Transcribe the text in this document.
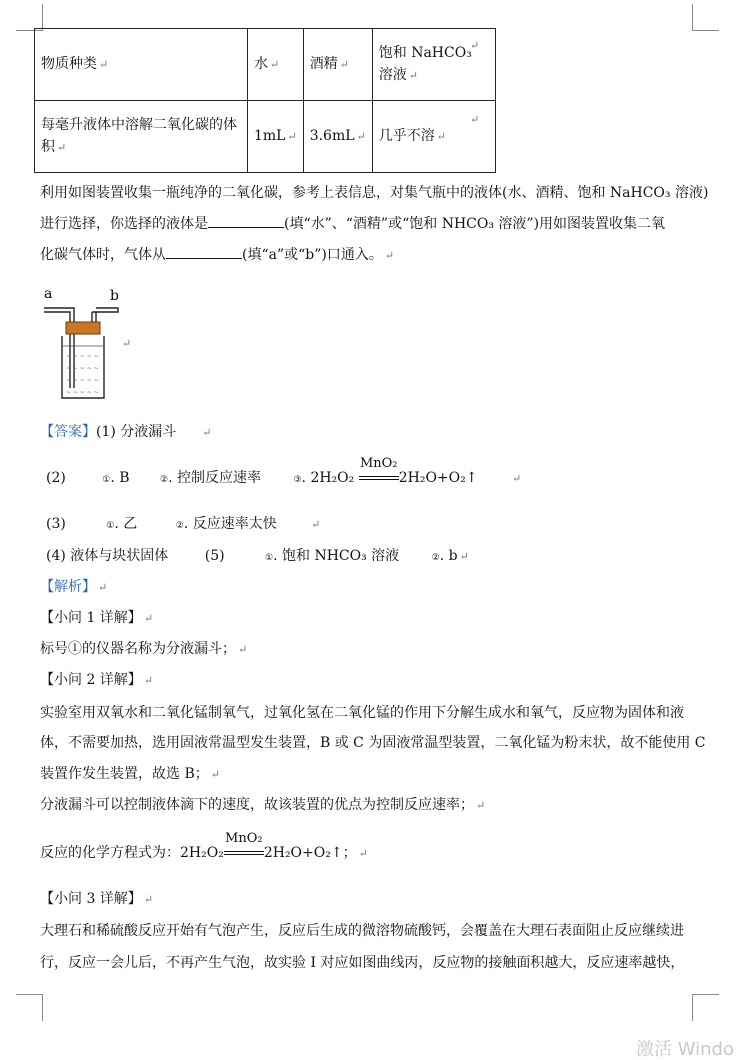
物质种类 ↵	水 ↵	酒精 ↵	饱和 NaHCO₃ 溶液 ↵
每毫升液体中溶解二氧化碳的体积 ↵	1mL ↵	3.6mL ↵	几乎不溶 ↵
↵
↵
利用如图装置收集一瓶纯净的二氧化碳，参考上表信息，对集气瓶中的液体(水、酒精、饱和 NaHCO₃ 溶液)
进行选择，你选择的液体是	(填“水”、“酒精”或“饱和 NHCO₃ 溶液”)用如图装置收集二氧
化碳气体时，气体从	(填“a”或“b”)口通入。 ↵
a	b
~ ~ ~ ~ ~
~ ~ ~ ~ ~
~ ~ ~ ~ ~
~ ~ ~ ~ ~
↵
【答案】(1) 分液漏斗 ↵
(2)	①. B	②. 控制反应速率	③. 2H₂O₂
MnO₂
2H₂O+O₂↑	↵
(3)	①. 乙	②. 反应速率太快	↵
(4) 液体与块状固体	(5)	①. 饱和 NHCO₃ 溶液	②. b ↵
【解析】 ↵
【小问 1 详解】 ↵
标号①的仪器名称为分液漏斗； ↵
【小问 2 详解】 ↵
实验室用双氧水和二氧化锰制氧气，过氧化氢在二氧化锰的作用下分解生成水和氧气，反应物为固体和液
体，不需要加热，选用固液常温型发生装置，B 或 C 为固液常温型装置，二氧化锰为粉末状，故不能使用 C
装置作发生装置，故选 B； ↵
分液漏斗可以控制液体滴下的速度，故该装置的优点为控制反应速率； ↵
反应的化学方程式为：2H₂O₂
MnO₂
2H₂O+O₂↑； ↵
【小问 3 详解】 ↵
大理石和稀硫酸反应开始有气泡产生，反应后生成的微溶物硫酸钙，会覆盖在大理石表面阻止反应继续进
行，反应一会儿后，不再产生气泡，故实验 I 对应如图曲线丙，反应物的接触面积越大，反应速率越快，
激活 Windo
